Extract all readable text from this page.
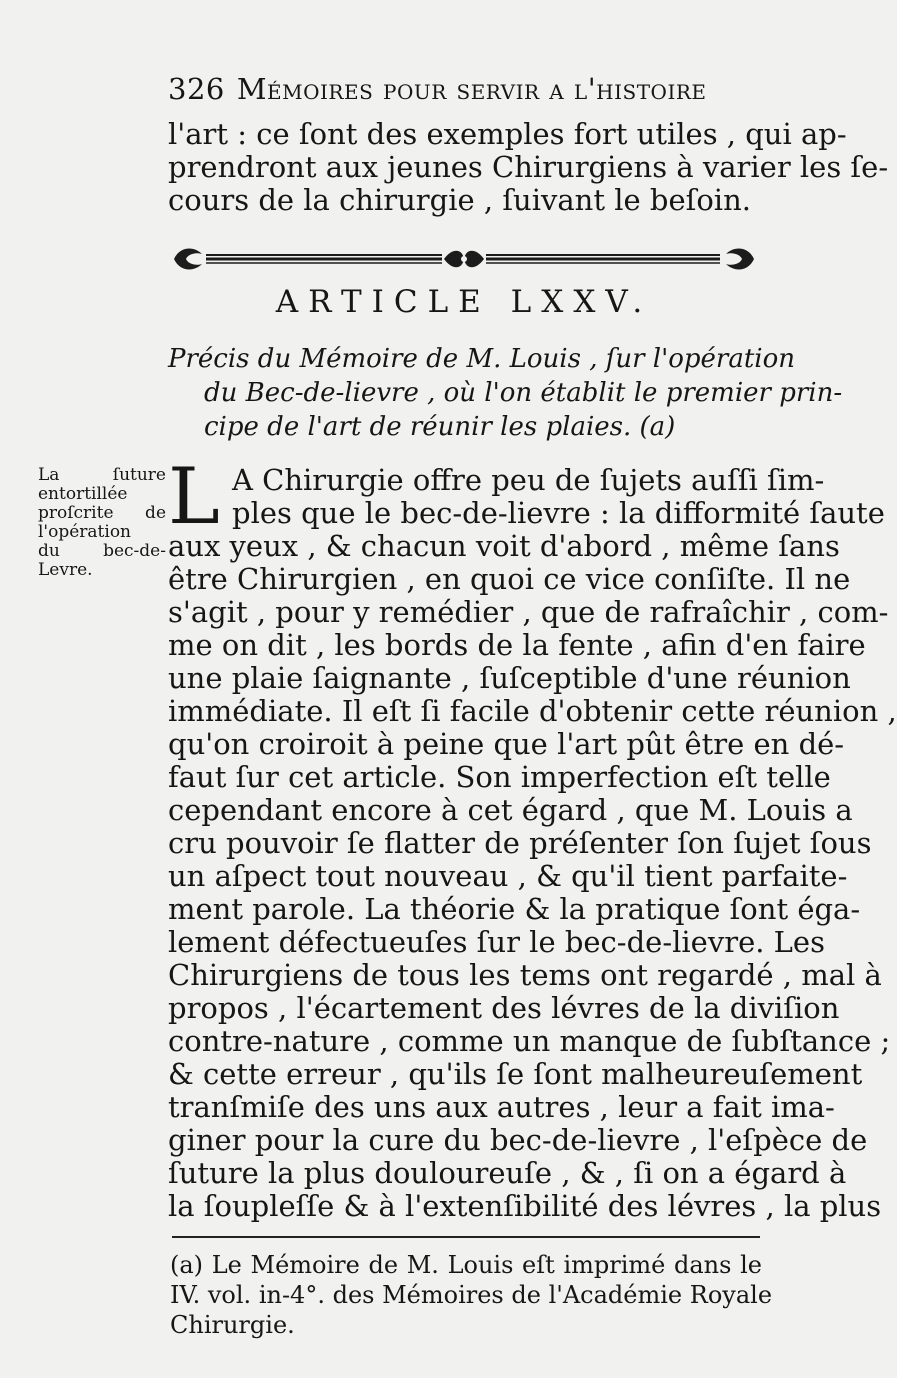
326 Mémoires pour servir a l'histoire
l'art : ce ſont des exemples fort utiles , qui ap-
prendront aux jeunes Chirurgiens à varier les ſe-
cours de la chirurgie , ſuivant le beſoin.
ARTICLE LXXV.
Précis du Mémoire de M. Louis , ſur l'opération
du Bec-de-lievre , où l'on établit le premier prin-
cipe de l'art de réunir les plaies. (a)
La ſuture
entortillée
proſcrite de
l'opération
du bec-de-
Levre.
L A Chirurgie offre peu de ſujets auſſi ſim-
ples que le bec-de-lievre : la difformité ſaute
aux yeux , & chacun voit d'abord , même ſans
être Chirurgien , en quoi ce vice conſiſte. Il ne
s'agit , pour y remédier , que de rafraîchir , com-
me on dit , les bords de la fente , afin d'en faire
une plaie ſaignante , ſuſceptible d'une réunion
immédiate. Il eſt ſi facile d'obtenir cette réunion ,
qu'on croiroit à peine que l'art pût être en dé-
faut ſur cet article. Son imperfection eſt telle
cependant encore à cet égard , que M. Louis a
cru pouvoir ſe flatter de préſenter ſon ſujet ſous
un aſpect tout nouveau , & qu'il tient parfaite-
ment parole. La théorie & la pratique ſont éga-
lement défectueuſes ſur le bec-de-lievre. Les
Chirurgiens de tous les tems ont regardé , mal à
propos , l'écartement des lévres de la diviſion
contre-nature , comme un manque de ſubſtance ;
& cette erreur , qu'ils ſe ſont malheureuſement
tranſmiſe des uns aux autres , leur a fait ima-
giner pour la cure du bec-de-lievre , l'eſpèce de
ſuture la plus douloureuſe , & , ſi on a égard à
la ſoupleſſe & à l'extenſibilité des lévres , la plus
(a) Le Mémoire de M. Louis eſt imprimé dans le
IV. vol. in-4°. des Mémoires de l'Académie Royale
Chirurgie.
